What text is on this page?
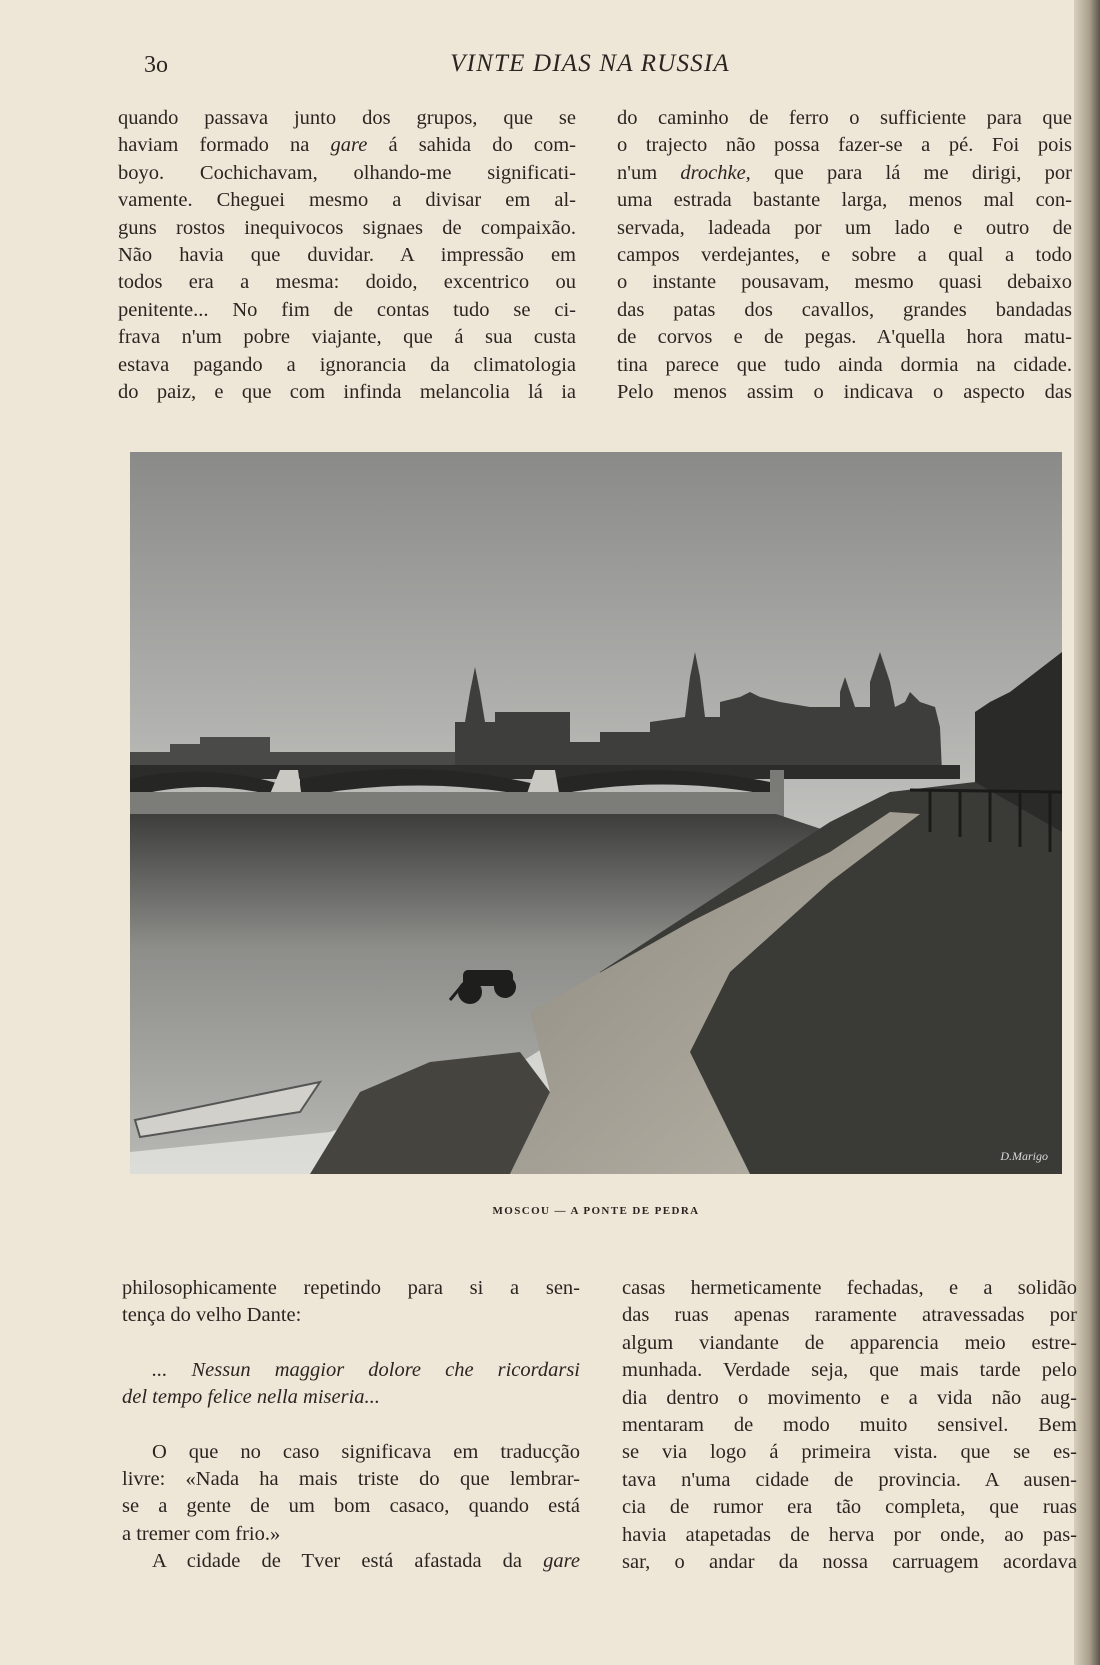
3o	VINTE DIAS NA RUSSIA
quando passava junto dos grupos, que se
haviam formado na gare á sahida do com-
boyo. Cochichavam, olhando-me significati-
vamente. Cheguei mesmo a divisar em al-
guns rostos inequivocos signaes de compaixão.
Não havia que duvidar. A impressão em
todos era a mesma: doido, excentrico ou
penitente... No fim de contas tudo se ci-
frava n'um pobre viajante, que á sua custa
estava pagando a ignorancia da climatologia
do paiz, e que com infinda melancolia lá ia
do caminho de ferro o sufficiente para que
o trajecto não possa fazer-se a pé. Foi pois
n'um drochke, que para lá me dirigi, por
uma estrada bastante larga, menos mal con-
servada, ladeada por um lado e outro de
campos verdejantes, e sobre a qual a todo
o instante pousavam, mesmo quasi debaixo
das patas dos cavallos, grandes bandadas
de corvos e de pegas. A'quella hora matu-
tina parece que tudo ainda dormia na cidade.
Pelo menos assim o indicava o aspecto das
D.Marigo
MOSCOU — A PONTE DE PEDRA
philosophicamente repetindo para si a sen-
tença do velho Dante:
... Nessun maggior dolore che ricordarsi
del tempo felice nella miseria...
O que no caso significava em traducção
livre: «Nada ha mais triste do que lembrar-
se a gente de um bom casaco, quando está
a tremer com frio.»
A cidade de Tver está afastada da gare
casas hermeticamente fechadas, e a solidão
das ruas apenas raramente atravessadas por
algum viandante de apparencia meio estre-
munhada. Verdade seja, que mais tarde pelo
dia dentro o movimento e a vida não aug-
mentaram de modo muito sensivel. Bem
se via logo á primeira vista. que se es-
tava n'uma cidade de provincia. A ausen-
cia de rumor era tão completa, que ruas
havia atapetadas de herva por onde, ao pas-
sar, o andar da nossa carruagem acordava
